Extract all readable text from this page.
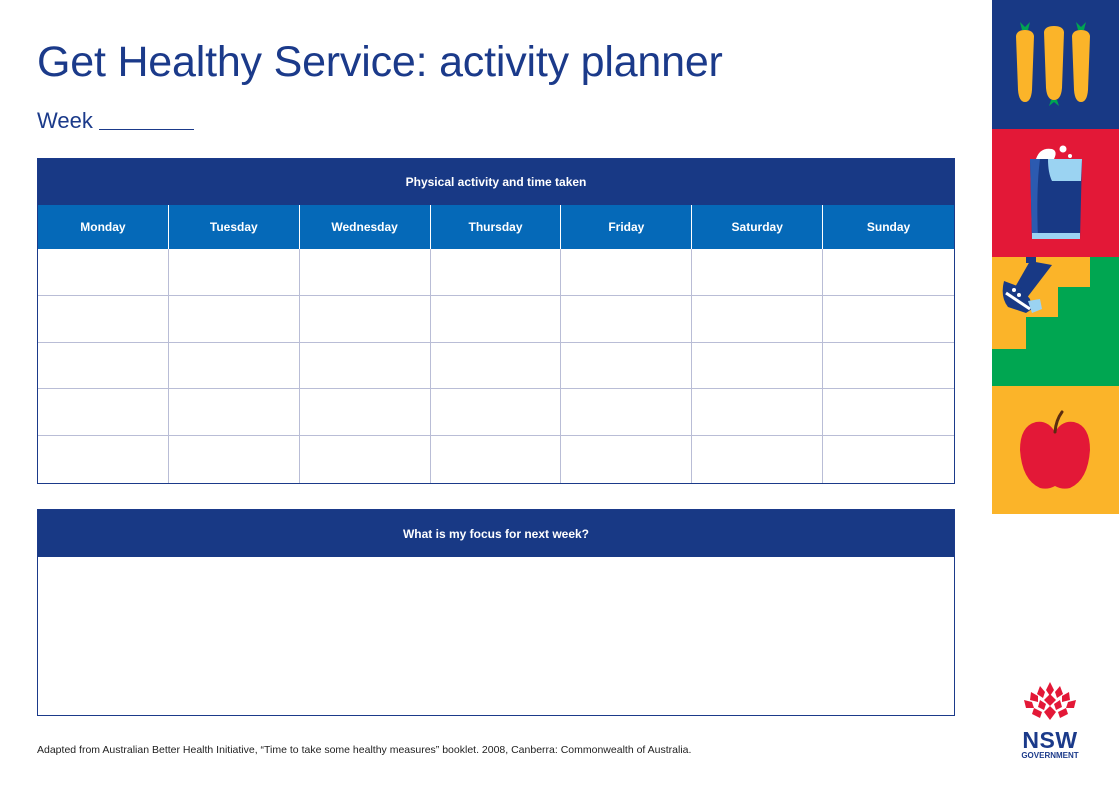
Get Healthy Service: activity planner
Week
Physical activity and time taken
Monday	Tuesday	Wednesday	Thursday	Friday	Saturday	Sunday
What is my focus for next week?
Adapted from Australian Better Health Initiative, “Time to take some healthy measures” booklet. 2008, Canberra: Commonwealth of Australia.	NSW
GOVERNMENT
